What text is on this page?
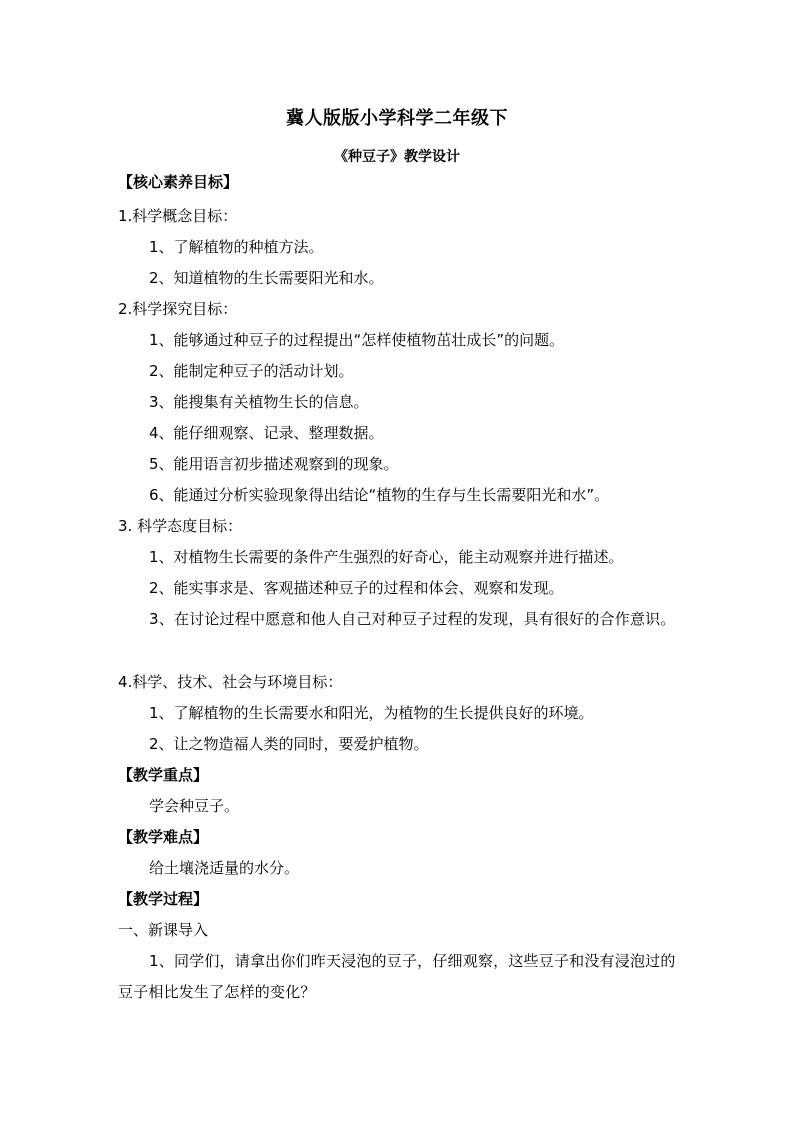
冀人版版小学科学二年级下
《种豆子》教学设计
【核心素养目标】
1.科学概念目标：
1、了解植物的种植方法。
2、知道植物的生长需要阳光和水。
2.科学探究目标：
1、能够通过种豆子的过程提出“怎样使植物茁壮成长”的问题。
2、能制定种豆子的活动计划。
3、能搜集有关植物生长的信息。
4、能仔细观察、记录、整理数据。
5、能用语言初步描述观察到的现象。
6、能通过分析实验现象得出结论“植物的生存与生长需要阳光和水”。
3. 科学态度目标：
1、对植物生长需要的条件产生强烈的好奇心，能主动观察并进行描述。
2、能实事求是、客观描述种豆子的过程和体会、观察和发现。
3、在讨论过程中愿意和他人自己对种豆子过程的发现，具有很好的合作意识。
4.科学、技术、社会与环境目标：
1、了解植物的生长需要水和阳光，为植物的生长提供良好的环境。
2、让之物造福人类的同时，要爱护植物。
【教学重点】
学会种豆子。
【教学难点】
给土壤浇适量的水分。
【教学过程】
一、新课导入
1、同学们，请拿出你们昨天浸泡的豆子，仔细观察，这些豆子和没有浸泡过的豆子相比发生了怎样的变化？
